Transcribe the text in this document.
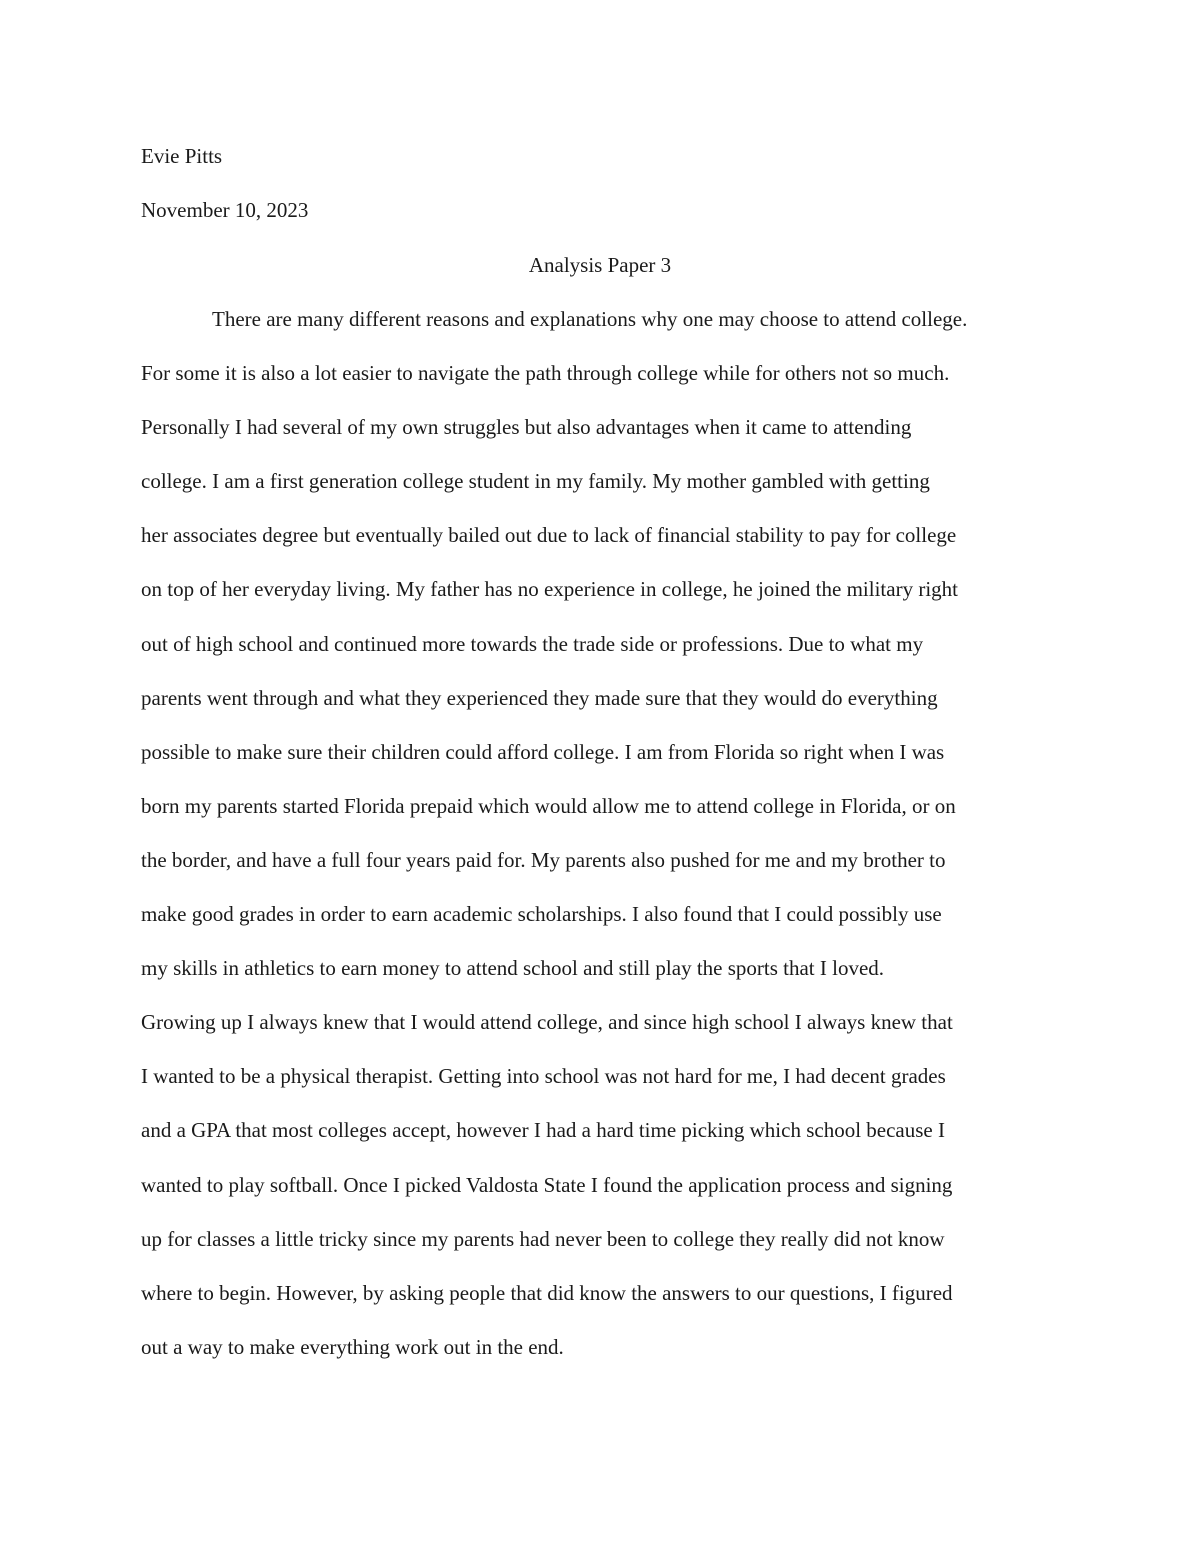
Evie Pitts
November 10, 2023
Analysis Paper 3
There are many different reasons and explanations why one may choose to attend college.
For some it is also a lot easier to navigate the path through college while for others not so much.
Personally I had several of my own struggles but also advantages when it came to attending
college. I am a first generation college student in my family. My mother gambled with getting
her associates degree but eventually bailed out due to lack of financial stability to pay for college
on top of her everyday living. My father has no experience in college, he joined the military right
out of high school and continued more towards the trade side or professions. Due to what my
parents went through and what they experienced they made sure that they would do everything
possible to make sure their children could afford college. I am from Florida so right when I was
born my parents started Florida prepaid which would allow me to attend college in Florida, or on
the border, and have a full four years paid for. My parents also pushed for me and my brother to
make good grades in order to earn academic scholarships. I also found that I could possibly use
my skills in athletics to earn money to attend school and still play the sports that I loved.
Growing up I always knew that I would attend college, and since high school I always knew that
I wanted to be a physical therapist. Getting into school was not hard for me, I had decent grades
and a GPA that most colleges accept, however I had a hard time picking which school because I
wanted to play softball. Once I picked Valdosta State I found the application process and signing
up for classes a little tricky since my parents had never been to college they really did not know
where to begin. However, by asking people that did know the answers to our questions, I figured
out a way to make everything work out in the end.
